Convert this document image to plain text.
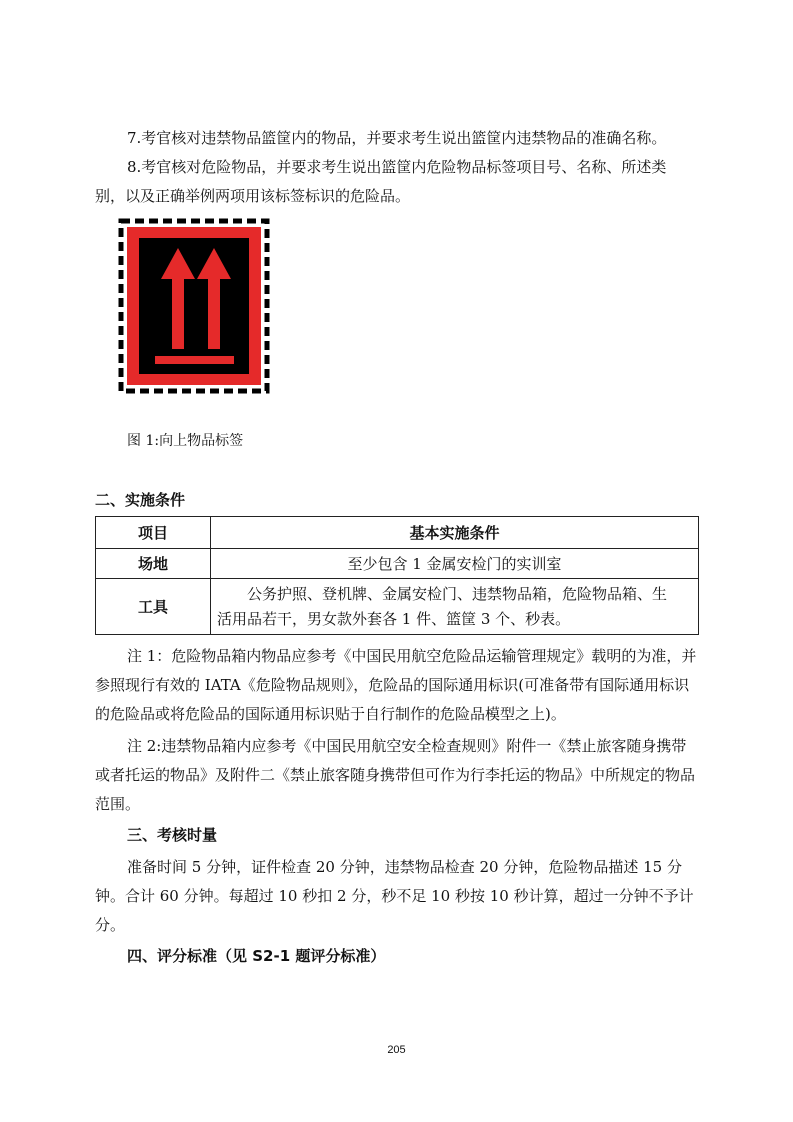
7.考官核对违禁物品篮筐内的物品，并要求考生说出篮筐内违禁物品的准确名称。
8.考官核对危险物品，并要求考生说出篮筐内危险物品标签项目号、名称、所述类
别，以及正确举例两项用该标签标识的危险品。
图 1:向上物品标签
二、实施条件
项目	基本实施条件
场地	至少包含 1 金属安检门的实训室
工具	　　公务护照、登机牌、金属安检门、违禁物品箱，危险物品箱、生
活用品若干，男女款外套各 1 件、篮筐 3 个、秒表。
注 1：危险物品箱内物品应参考《中国民用航空危险品运输管理规定》载明的为准，并
参照现行有效的 IATA《危险物品规则》，危险品的国际通用标识(可准备带有国际通用标识
的危险品或将危险品的国际通用标识贴于自行制作的危险品模型之上)。
注 2:违禁物品箱内应参考《中国民用航空安全检查规则》附件一《禁止旅客随身携带
或者托运的物品》及附件二《禁止旅客随身携带但可作为行李托运的物品》中所规定的物品
范围。
三、考核时量
准备时间 5 分钟，证件检查 20 分钟，违禁物品检查 20 分钟，危险物品描述 15 分
钟。合计 60 分钟。每超过 10 秒扣 2 分，秒不足 10 秒按 10 秒计算，超过一分钟不予计
分。
四、评分标准（见 S2-1 题评分标准）
205
